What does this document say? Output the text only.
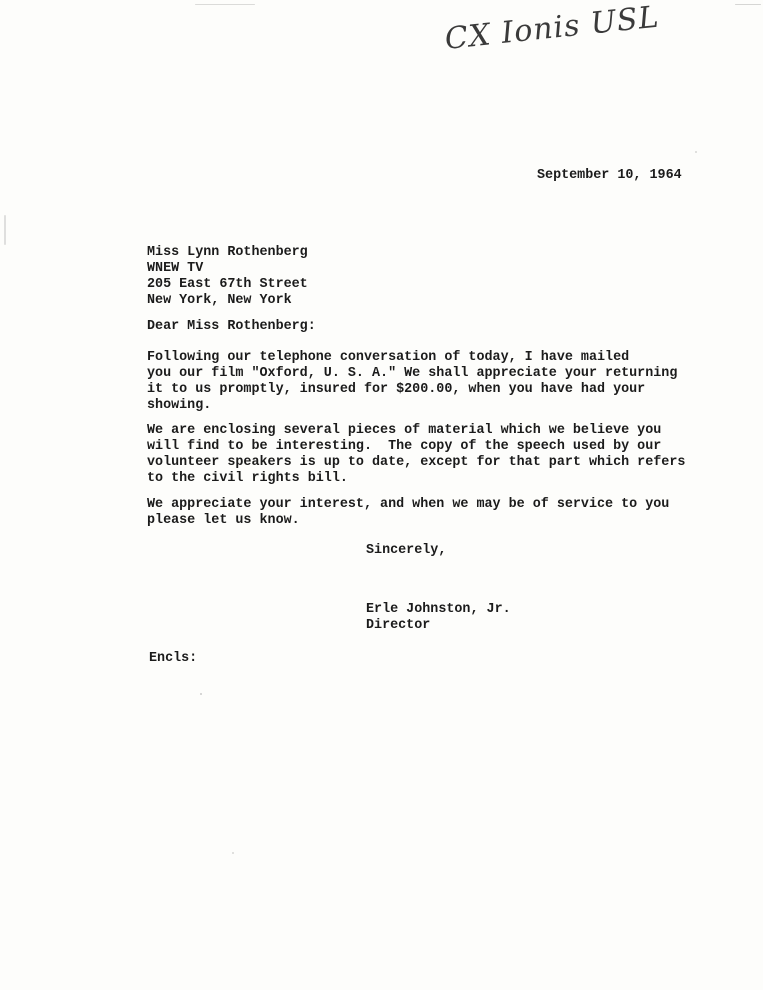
CX Ionis USL
September 10, 1964
Miss Lynn Rothenberg
WNEW TV
205 East 67th Street
New York, New York
Dear Miss Rothenberg:
Following our telephone conversation of today, I have mailed
you our film "Oxford, U. S. A." We shall appreciate your returning
it to us promptly, insured for $200.00, when you have had your
showing.
We are enclosing several pieces of material which we believe you
will find to be interesting.  The copy of the speech used by our
volunteer speakers is up to date, except for that part which refers
to the civil rights bill.
We appreciate your interest, and when we may be of service to you
please let us know.
Sincerely,
Erle Johnston, Jr.
Director
Encls:
